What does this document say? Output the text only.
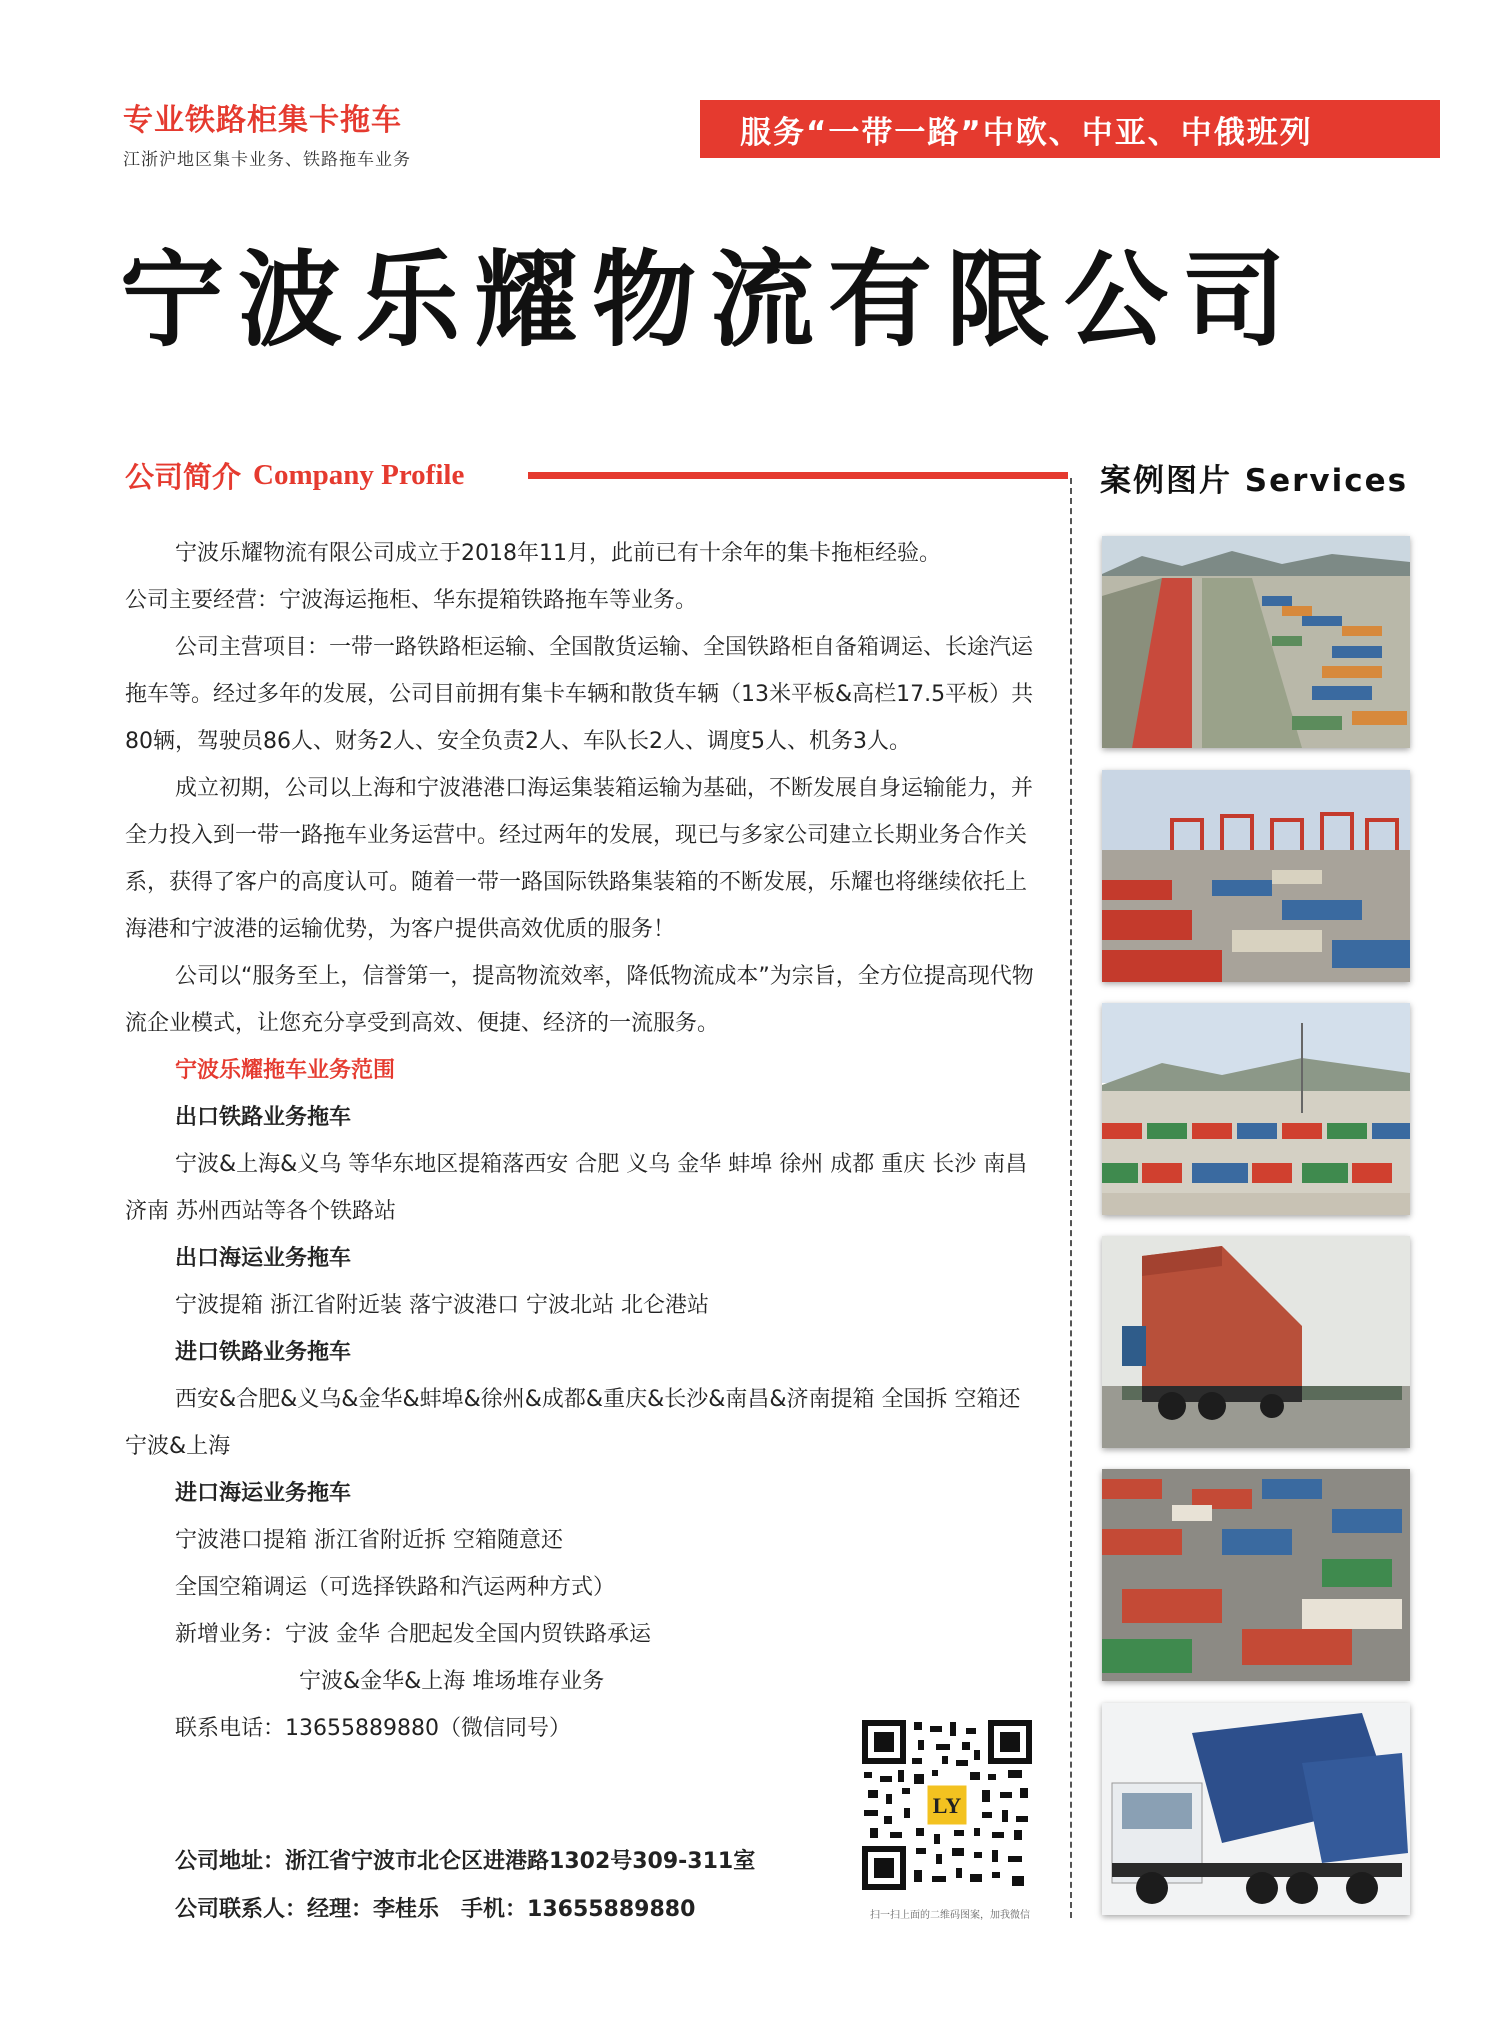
专业铁路柜集卡拖车
江浙沪地区集卡业务、铁路拖车业务
服务“一带一路”中欧、中亚、中俄班列
宁波乐耀物流有限公司
公司简介 Company Profile	案例图片 Services

宁波乐耀物流有限公司成立于2018年11月，此前已有十余年的集卡拖柜经验。

公司主要经营：宁波海运拖柜、华东提箱铁路拖车等业务。

公司主营项目：一带一路铁路柜运输、全国散货运输、全国铁路柜自备箱调运、长途汽运拖车等。经过多年的发展，公司目前拥有集卡车辆和散货车辆（13米平板&高栏17.5平板）共80辆，驾驶员86人、财务2人、安全负责2人、车队长2人、调度5人、机务3人。

成立初期，公司以上海和宁波港港口海运集装箱运输为基础，不断发展自身运输能力，并全力投入到一带一路拖车业务运营中。经过两年的发展，现已与多家公司建立长期业务合作关系，获得了客户的高度认可。随着一带一路国际铁路集装箱的不断发展，乐耀也将继续依托上海港和宁波港的运输优势，为客户提供高效优质的服务！

公司以“服务至上，信誉第一，提高物流效率，降低物流成本”为宗旨，全方位提高现代物流企业模式，让您充分享受到高效、便捷、经济的一流服务。

宁波乐耀拖车业务范围

出口铁路业务拖车

宁波&上海&义乌 等华东地区提箱落西安 合肥 义乌 金华 蚌埠 徐州 成都 重庆 长沙 南昌 济南 苏州西站等各个铁路站

出口海运业务拖车

宁波提箱 浙江省附近装 落宁波港口 宁波北站 北仑港站

进口铁路业务拖车

西安&合肥&义乌&金华&蚌埠&徐州&成都&重庆&长沙&南昌&济南提箱 全国拆 空箱还宁波&上海

进口海运业务拖车

宁波港口提箱 浙江省附近拆 空箱随意还

全国空箱调运（可选择铁路和汽运两种方式）

新增业务：宁波 金华 合肥起发全国内贸铁路承运

宁波&金华&上海 堆场堆存业务

联系电话：13655889880（微信同号）

公司地址：浙江省宁波市北仑区进港路1302号309-311室
公司联系人：经理：李桂乐　手机：13655889880
LY
扫一扫上面的二维码图案，加我微信
